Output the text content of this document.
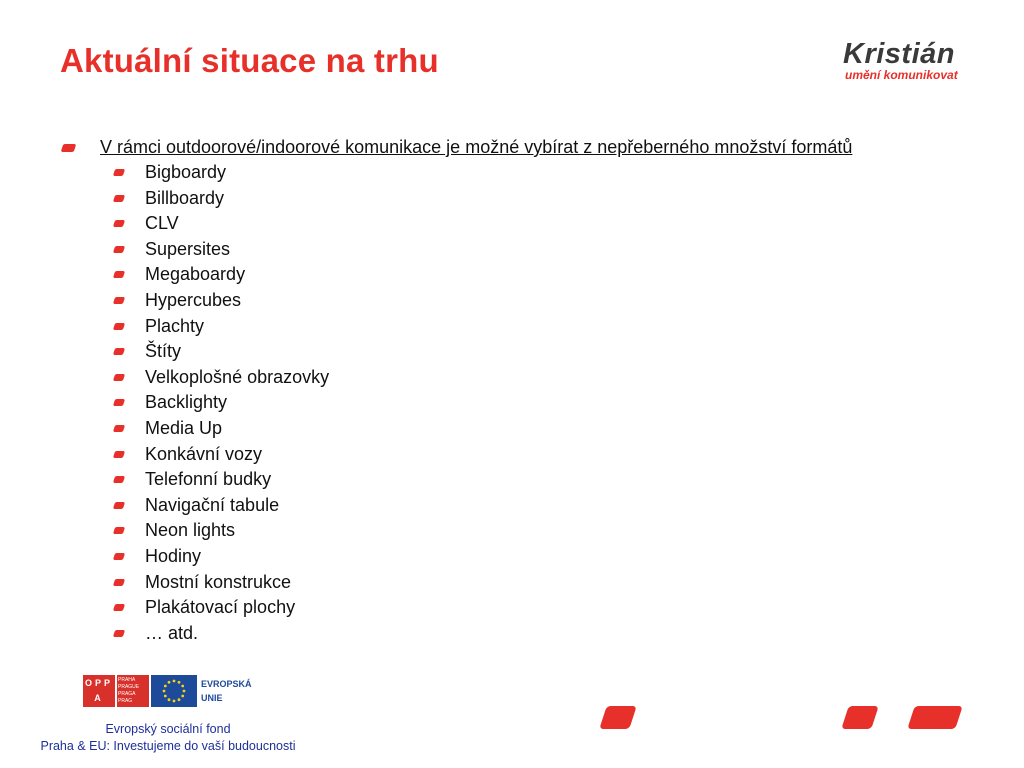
Aktuální situace na trhu	Kristián
umění komunikovat
V rámci outdoorové/indoorové komunikace je možné vybírat z nepřeberného množství formátů
Bigboardy
Billboardy
CLV
Supersites
Megaboardy
Hypercubes
Plachty
Štíty
Velkoplošné obrazovky
Backlighty
Media Up
Konkávní vozy
Telefonní budky
Navigační tabule
Neon lights
Hodiny
Mostní konstrukce
Plakátovací plochy
… atd.
OPP
A
PRAHA
PRAGUE
PRAGA
PRAG
EVROPSKÁ
UNIE
Evropský sociální fond
Praha & EU: Investujeme do vaší budoucnosti
